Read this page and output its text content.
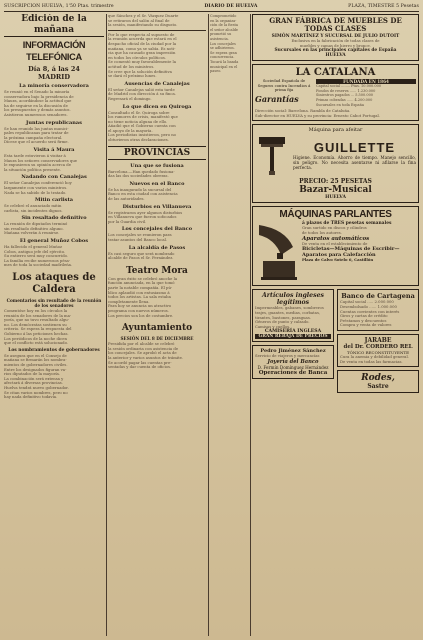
SUSCRIPCION HUELVA, 1'50 Ptas. trimestre	DIARIO DE HUELVA	PLAZA, TIMESTRE 5 Pesetas
Edición de la mañana
INFORMACIÓN TELEFÓNICA
Día 8, á las 24
MADRID
La minoría conservadora
Se reunió en el Senado la minoría
conservadora bajo la presidencia de
Maura, acordándose la actitud que
ha de seguirse en la discusión de
los presupuestos y demás asuntos.
Asistieron numerosos senadores.
Juntas republicanas
Se han reunido las juntas munici-
pales republicanas para tratar de
la próxima campaña electoral.
Dícese que el acuerdo será firme.
Visita á Maura
Esta tarde estuvieron á visitar á
Maura los señores conservadores que
le expusieron su opinión acerca de
la situación política presente.
Nadando con Canalejas
El señor Canalejas conferenció hoy
largamente con varios ministros.
Nada se ha sabido de lo tratado.
Mitin carlista
Se celebró el anunciado mitin
carlista, sin incidentes dignos.
Sin resaltado definitivo
La reunión de diputados terminó
sin resultado definitivo alguno.
Mañana volverán á reunirse.
El general Muñoz Cobos
Ha fallecido el general Muñoz
Cobos, antiguo jefe del ejército.
Su entierro será muy concurrido.
La familia recibe numerosos pésa-
mes de toda la sociedad madrileña.
Los ataques de Caldera
Comentarios sin resultado de la reunión de los senadores
Comentóse hoy en los círculos la
reunión de los senadores de la ma-
yoría, que no tuvo resultado algu-
no. Los demócratas sostienen su
criterio. Se espera la respuesta del
Gobierno á las peticiones hechas.
Los periódicos de la noche dicen
que el conflicto está solucionado.
Los nombramientos de gobernadores
Se asegura que en el Consejo de
mañana se firmarán los nombra-
mientos de gobernadores civiles.
Entre los designados figuran va-
rios diputados de la mayoría.
La combinación será extensa y
afectará á diversas provincias.
Huelva tendrá nuevo gobernador.
Se citan varios nombres, pero no
hay nada definitivo todavía.
que Sánchez y el Sr. Vázquez Duarte
se retiraron del salón al final de
la sesión, manifestando su disgusto.
Por lo que respecta al supuesto de
la reunión acuerda que estará en el
despacho oficial de la ciudad por la
mañana, como ya se sabía. Es noti-
cia que ha causado gran impresión
en todos los círculos políticos.
Se comentó muy favorablemente la
actitud de los ministros.
Se cree que la solución definitiva
se dará el próximo lunes.
Ausencias de Canalejas
El señor Canalejas salió esta tarde
de Madrid con dirección á su finca.
Regresará el domingo.
Lo que dicen en Quiroga
Consultado el Sr. Quiroga sobre
los rumores de crisis, manifestó que
no tiene noticia alguna de ello.
Añadió que el Gobierno cuenta con
el apoyo de la mayoría.
Los periodistas insistieron, pero no
obtuvieron otras declaraciones.
PROVINCIAS
Una que se fusiona
Barcelona.—Han quedado fusiona-
das las dos sociedades obreras.
Nuevos en el Banco
Se ha inaugurado la sucursal del
Banco en esta ciudad con asistencia
de las autoridades.
Disturbios en Villanueva
Se registraron ayer algunos disturbios
en Villanueva que fueron sofocados
por la Guardia civil.
Los concejales del Banco
Los concejales se reunieron para
tratar asuntos del Banco local.
La alcaldía de Pasos
Es casi seguro que será nombrado
alcalde de Pasos el Sr. Fernández.
Teatro Mora
Con gran éxito se celebró anoche la
función anunciada, en la que tomó
parte la notable compañía. El pú-
blico aplaudió con entusiasmo á
todos los artistas. La sala estaba
completamente llena.
Para hoy se anuncia un atractivo
programa con nuevos números.
Los precios son los de costumbre.
Ayuntamiento
SESIÓN DEL 8 DE DICIEMBRE
Presidida por el alcalde se celebró
la sesión ordinaria con asistencia de
los concejales. Se aprobó el acta de
la anterior y varios asuntos de trámite.
Se acordó pagar las cuentas pre-
sentadas y dar cuenta de oficios.
Comprometido
en la organiza-
ción de la fiesta
el señor alcalde
prometió su
asistencia.
Los concejales
se adhirieron.
Se espera gran
concurrencia.
Tocará la banda
municipal en el
paseo.
GRAN FÁBRICA DE MUEBLES DE TODAS CLASES
SIMÓN MARTÍNEZ Y SUCURSAL DE JULIO DUTOIT
Exclusiva en la fabricación de todas clases de
muebles y camas de hierro y bronce.
Sucursales en las principales capitales de España
HUELVA
LA CATALANA
Sociedad Española de Seguros contra Incendios á prima fija
Garantías
FUNDADA EN 1864
Capital social ........ Ptas. 10.000.000
Fondos de reserva ...... 1.230.000
Siniestros pagados ... 5.500.000
Primas cobradas ...... 4.200.000
Sucursales en toda España
Dirección social: Barcelona. Rambla de Cataluña.
Sub-director en HUELVA y su provincia: Ernesto Cabot Portugal.
Máquina para afeitar
GUILLETTE
Higiene. Economía. Ahorro de tiempo. Manejo sencillo, sin peligro. No necesita asentarse ni afilarse la fina perfecta.
PRECIO: 25 PESETAS
Bazar-Musical
HUELVA
MÁQUINAS PARLANTES
á plazos de TRES pesetas semanales
Gran surtido en discos y cilindros
de todos los autores.
Aparatos automáticos
De venta en el establecimiento de
Bicicletas—Máquinas de Escribir—Aparatos para Calefacción
Plaza de Calvo Sotelo 6, Castillón
Artículos ingleses legítimos
Impermeables, gabanes, sombreros
trajes, guantes, medias, corbatas,
tirantes, bastones, paraguas.
Géneros de punto y calzado.
Camisas y cuellos.
CAMISERÍA INGLESA
GRAN REBAJA DE PRECIOS
Pedro Jiménez Sánchez
Servicio de viajeros y mercancías
Joyería del Banco
D. Fermín Domínguez Hernández
Operaciones de Banca
Banco de Cartagena
Capital social ..... 2.000.000
Desembolsado ...... 1.000.000
Cuentas corrientes con interés
Giros y cartas de crédito
Préstamos y descuentos
Compra y venta de valores
JARABE
del Dr. CORDERO REL
TÓNICO RECONSTITUYENTE
Cura la anemia y debilidad general.
De venta en todas las farmacias.
Rodes,
Sastre
